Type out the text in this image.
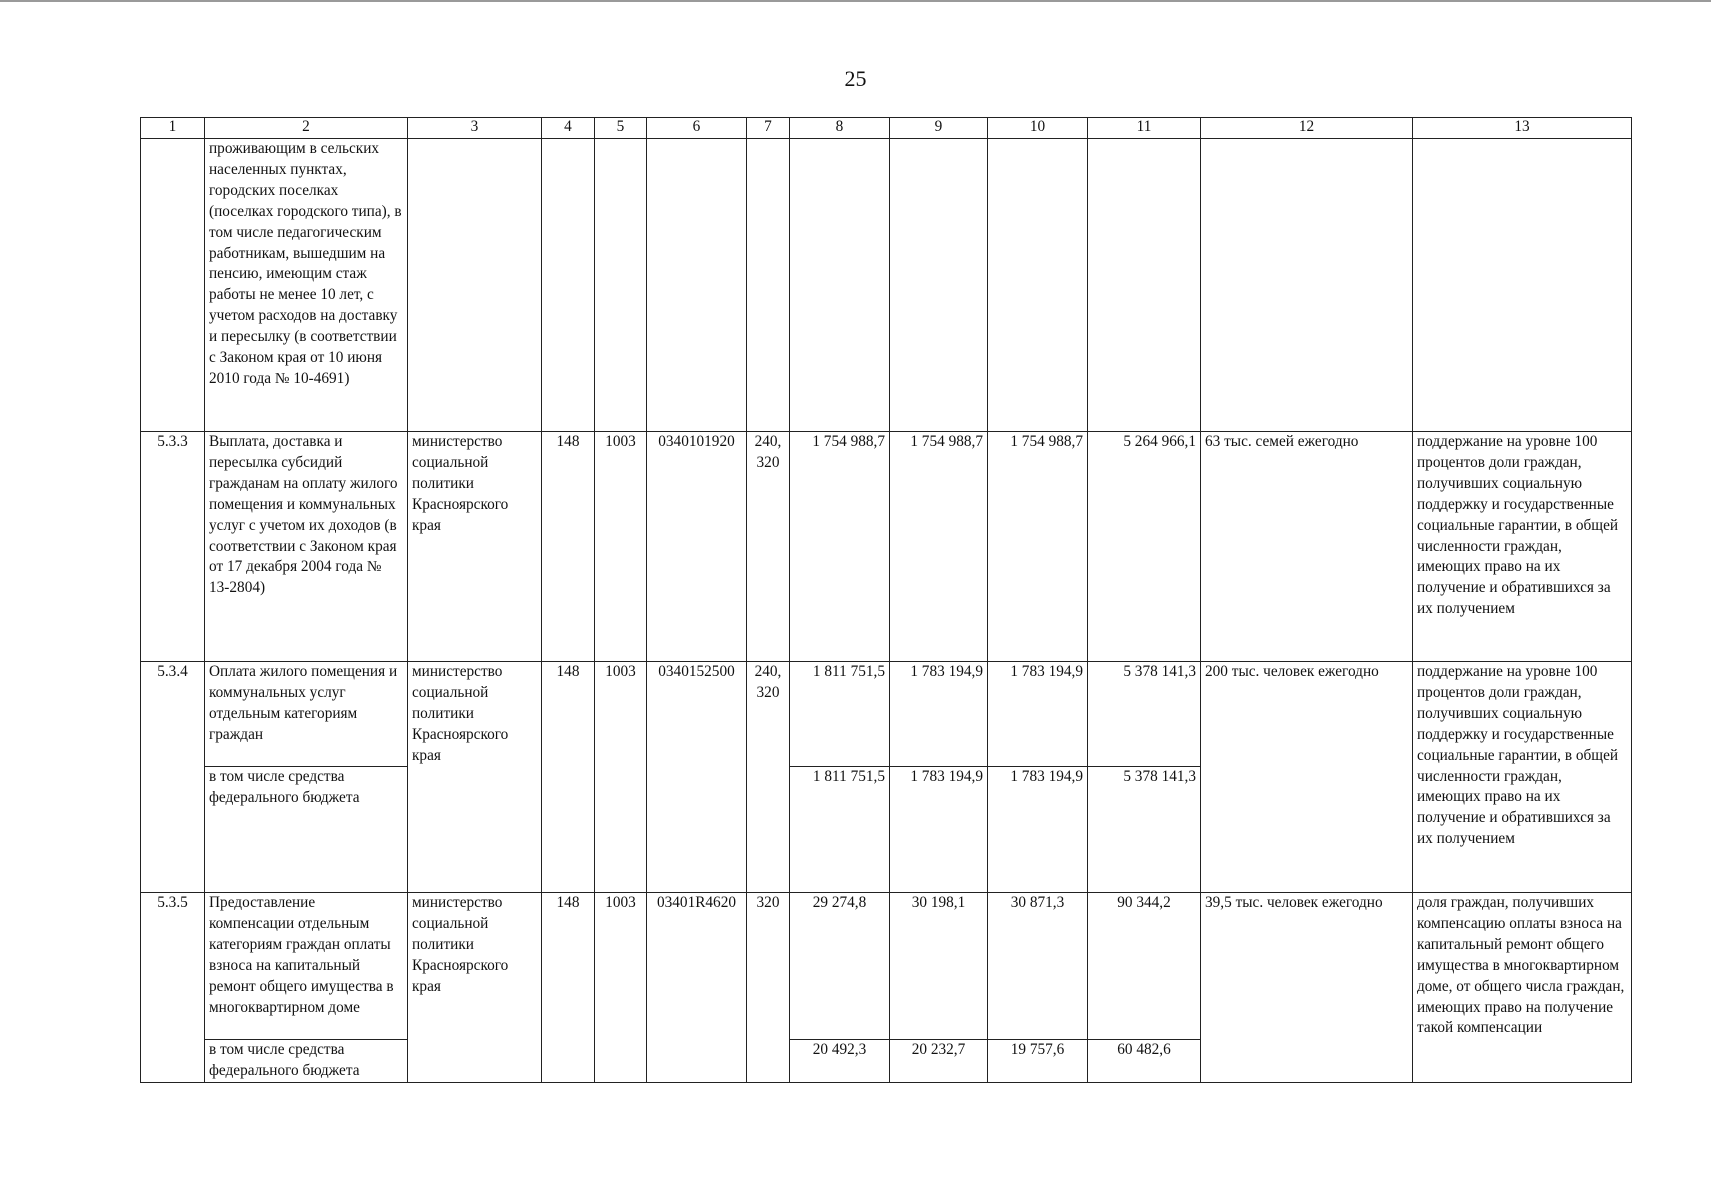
25
1	2	3	4	5	6	7	8	9	10	11	12	13
	проживающим в сельских населенных пунктах, городских поселках (поселках городского типа), в том числе педагогическим работникам, вышедшим на пенсию, имеющим стаж работы не менее 10 лет, с учетом расходов на доставку и пересылку (в соответствии с Законом края от 10 июня 2010 года № 10-4691)											
5.3.3	Выплата, доставка и пересылка субсидий гражданам на оплату жилого помещения и коммунальных услуг с учетом их доходов (в соответствии с Законом края от 17 декабря 2004 года № 13-2804)	министерство социальной политики Красноярского края	148	1003	0340101920	240, 320	1 754 988,7	1 754 988,7	1 754 988,7	5 264 966,1	63 тыс. семей ежегодно	поддержание на уровне 100 процентов доли граждан, получивших социальную поддержку и государственные социальные гарантии, в общей численности граждан, имеющих право на их получение и обратившихся за их получением
5.3.4	Оплата жилого помещения и коммунальных услуг отдельным категориям граждан	министерство социальной политики Красноярского края	148	1003	0340152500	240, 320	1 811 751,5	1 783 194,9	1 783 194,9	5 378 141,3	200 тыс. человек ежегодно	поддержание на уровне 100 процентов доли граждан, получивших социальную поддержку и государственные социальные гарантии, в общей численности граждан, имеющих право на их получение и обратившихся за их получением
	в том числе средства федерального бюджета						1 811 751,5	1 783 194,9	1 783 194,9	5 378 141,3		
5.3.5	Предоставление компенсации отдельным категориям граждан оплаты взноса на капитальный ремонт общего имущества в многоквартирном доме	министерство социальной политики Красноярского края	148	1003	03401R4620	320	29 274,8	30 198,1	30 871,3	90 344,2	39,5 тыс. человек ежегодно	доля граждан, получивших компенсацию оплаты взноса на капитальный ремонт общего имущества в многоквартирном доме, от общего числа граждан, имеющих право на получение такой компенсации
	в том числе средства федерального бюджета						20 492,3	20 232,7	19 757,6	60 482,6		
